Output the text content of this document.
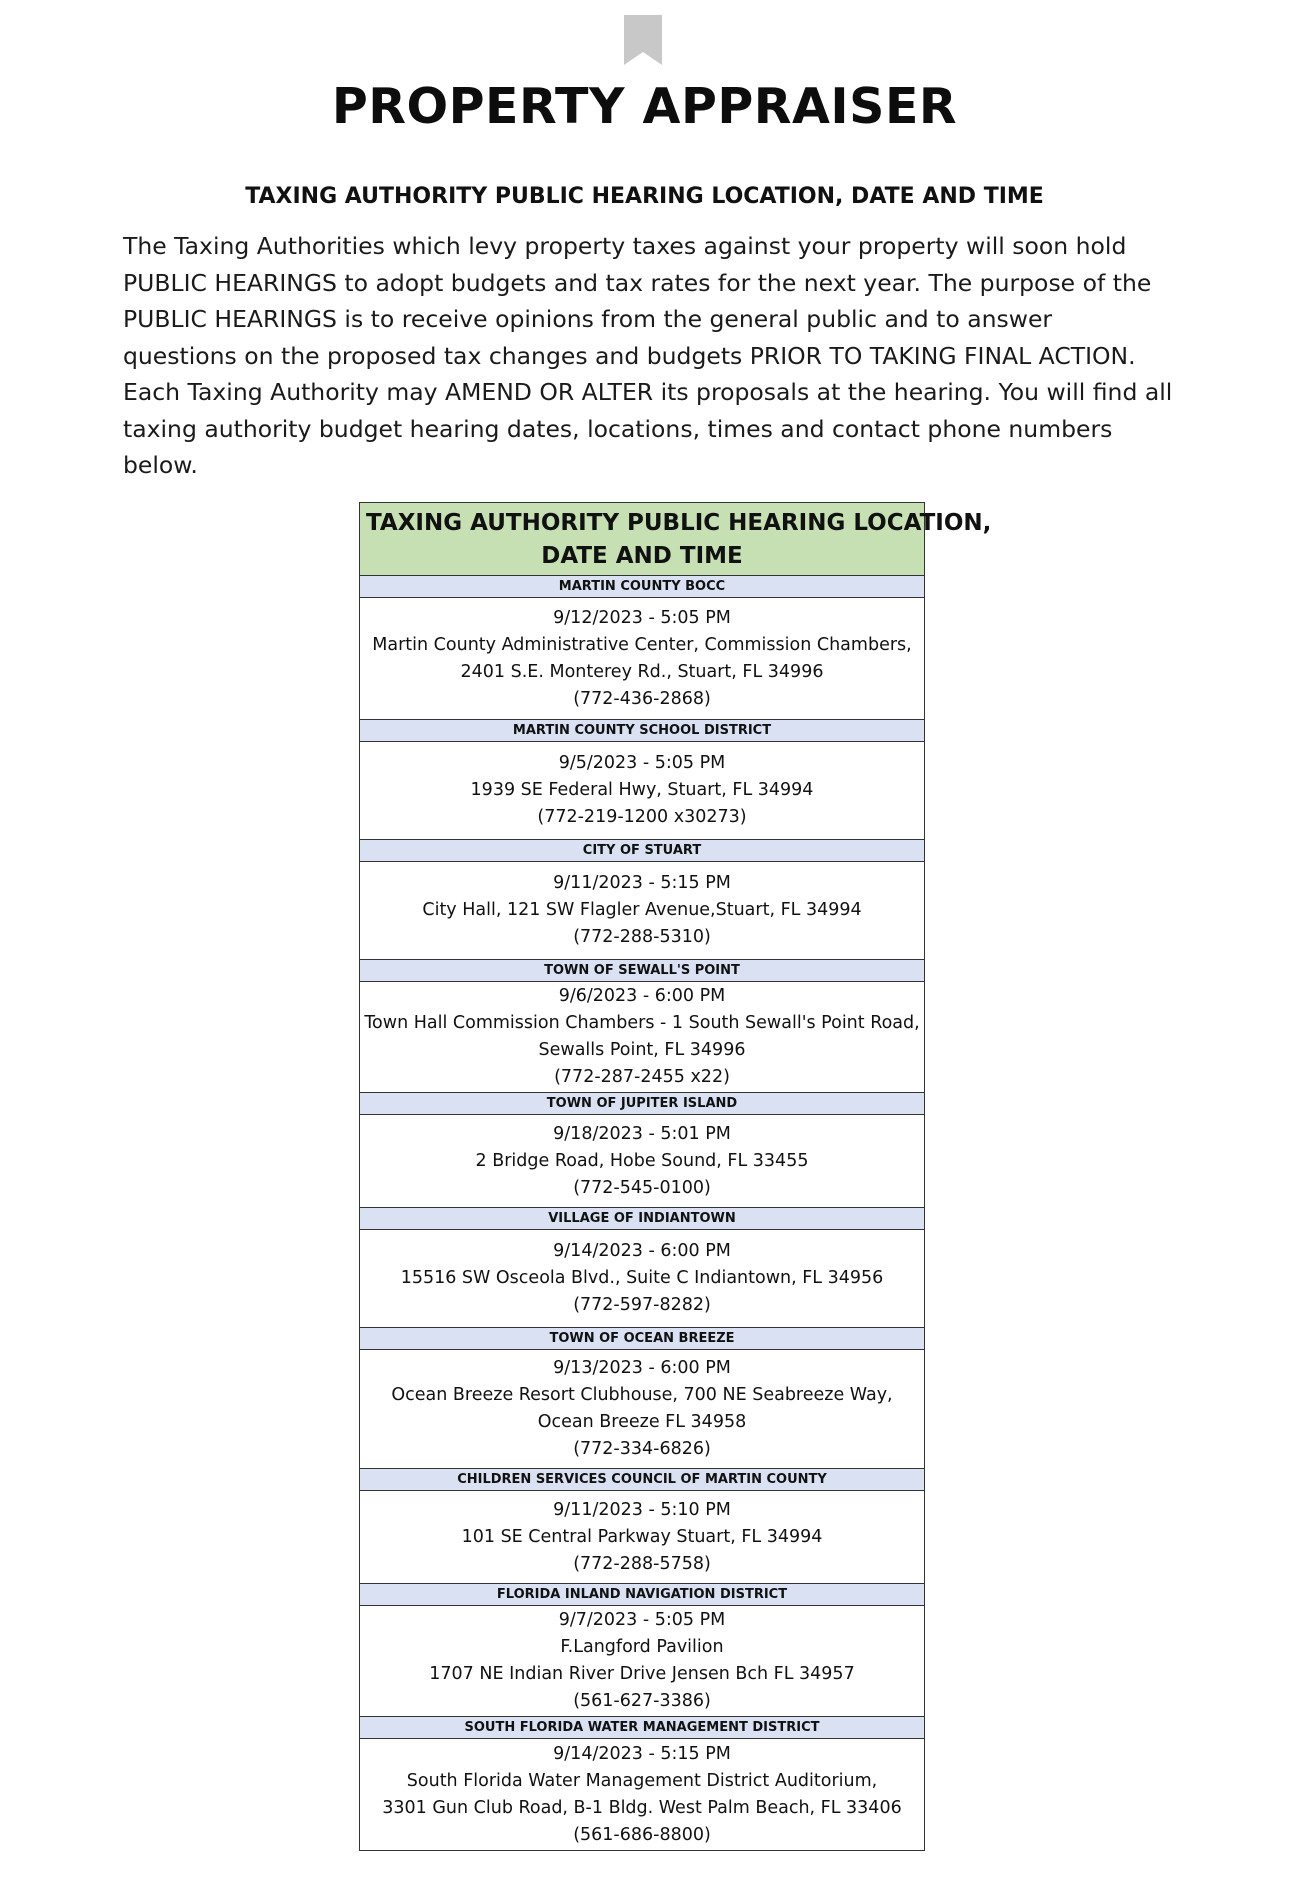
PROPERTY APPRAISER
TAXING AUTHORITY PUBLIC HEARING LOCATION, DATE AND TIME

The Taxing Authorities which levy property taxes against your property will soon hold PUBLIC HEARINGS to adopt budgets and tax rates for the next year. The purpose of the PUBLIC HEARINGS is to receive opinions from the general public and to answer questions on the proposed tax changes and budgets PRIOR TO TAKING FINAL ACTION. Each Taxing Authority may AMEND OR ALTER its proposals at the hearing. You will find all taxing authority budget hearing dates, locations, times and contact phone numbers below.

TAXING AUTHORITY PUBLIC HEARING LOCATION,
DATE AND TIME
MARTIN COUNTY BOCC
9/12/2023 - 5:05 PM
Martin County Administrative Center, Commission Chambers,
2401 S.E. Monterey Rd., Stuart, FL 34996
(772-436-2868)
MARTIN COUNTY SCHOOL DISTRICT
9/5/2023 - 5:05 PM
1939 SE Federal Hwy, Stuart, FL 34994
(772-219-1200 x30273)
CITY OF STUART
9/11/2023 - 5:15 PM
City Hall, 121 SW Flagler Avenue,Stuart, FL 34994
(772-288-5310)
TOWN OF SEWALL'S POINT
9/6/2023 - 6:00 PM
Town Hall Commission Chambers - 1 South Sewall's Point Road,
Sewalls Point, FL 34996
(772-287-2455 x22)
TOWN OF JUPITER ISLAND
9/18/2023 - 5:01 PM
2 Bridge Road, Hobe Sound, FL 33455
(772-545-0100)
VILLAGE OF INDIANTOWN
9/14/2023 - 6:00 PM
15516 SW Osceola Blvd., Suite C Indiantown, FL 34956
(772-597-8282)
TOWN OF OCEAN BREEZE
9/13/2023 - 6:00 PM
Ocean Breeze Resort Clubhouse, 700 NE Seabreeze Way,
Ocean Breeze FL 34958
(772-334-6826)
CHILDREN SERVICES COUNCIL OF MARTIN COUNTY
9/11/2023 - 5:10 PM
101 SE Central Parkway Stuart, FL 34994
(772-288-5758)
FLORIDA INLAND NAVIGATION DISTRICT
9/7/2023 - 5:05 PM
F.Langford Pavilion
1707 NE Indian River Drive Jensen Bch FL 34957
(561-627-3386)
SOUTH FLORIDA WATER MANAGEMENT DISTRICT
9/14/2023 - 5:15 PM
South Florida Water Management District Auditorium,
3301 Gun Club Road, B-1 Bldg. West Palm Beach, FL 33406
(561-686-8800)
